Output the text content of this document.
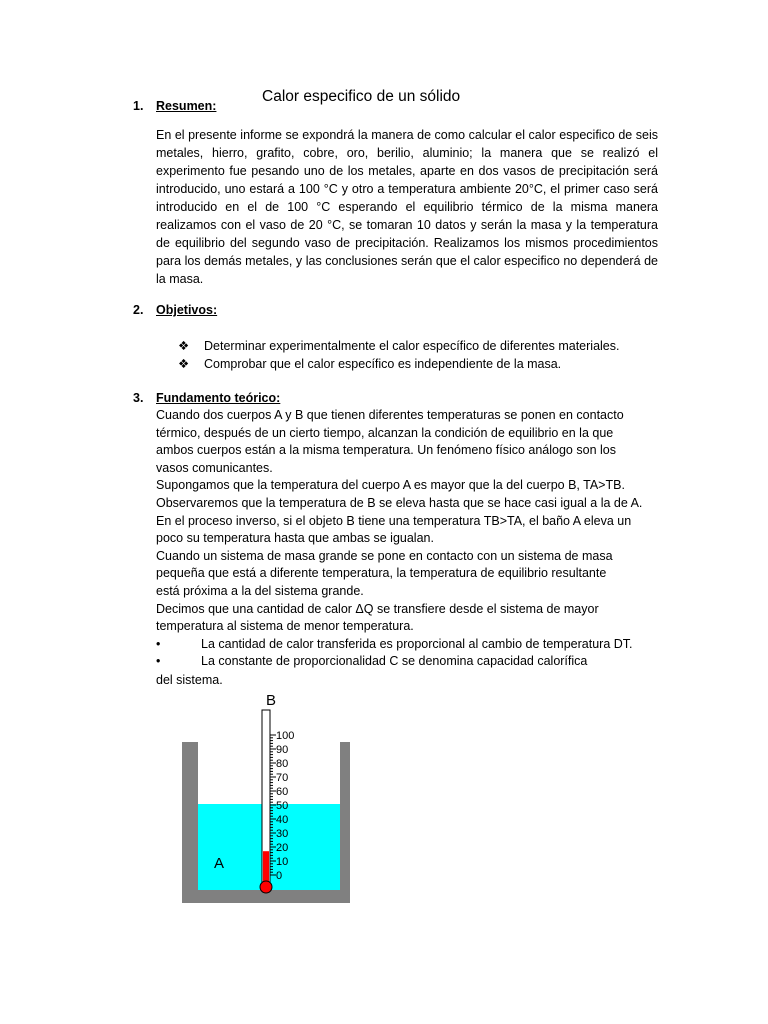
Calor especifico de un sólido
1. Resumen:
En el presente informe se expondrá la manera de como calcular el calor especifico de seis metales, hierro, grafito, cobre, oro, berilio, aluminio; la manera que se realizó el experimento fue pesando uno de los metales, aparte en dos vasos de precipitación será introducido, uno estará a 100 °C y otro a temperatura ambiente 20°C, el primer caso será introducido en el de 100 °C esperando el equilibrio térmico de la misma manera realizamos con el vaso de 20 °C, se tomaran 10 datos y serán la masa y la temperatura de equilibrio del segundo vaso de precipitación. Realizamos los mismos procedimientos para los demás metales, y las conclusiones serán que el calor especifico no dependerá de la masa.
2. Objetivos:
❖ Determinar experimentalmente el calor específico de diferentes materiales.
❖ Comprobar que el calor específico es independiente de la masa.
3. Fundamento teórico:
Cuando dos cuerpos A y B que tienen diferentes temperaturas se ponen en contacto
térmico, después de un cierto tiempo, alcanzan la condición de equilibrio en la que
ambos cuerpos están a la misma temperatura. Un fenómeno físico análogo son los
vasos comunicantes.
Supongamos que la temperatura del cuerpo A es mayor que la del cuerpo B, TA>TB.
Observaremos que la temperatura de B se eleva hasta que se hace casi igual a la de A.
En el proceso inverso, si el objeto B tiene una temperatura TB>TA, el baño A eleva un
poco su temperatura hasta que ambas se igualan.
Cuando un sistema de masa grande se pone en contacto con un sistema de masa
pequeña que está a diferente temperatura, la temperatura de equilibrio resultante
está próxima a la del sistema grande.
Decimos que una cantidad de calor ΔQ se transfiere desde el sistema de mayor
temperatura al sistema de menor temperatura.
•	La cantidad de calor transferida es proporcional al cambio de temperatura DT.
•	La constante de proporcionalidad C se denomina capacidad calorífica
del sistema.
B
A
100
90
80
70
60
50
40
30
20
10
0
